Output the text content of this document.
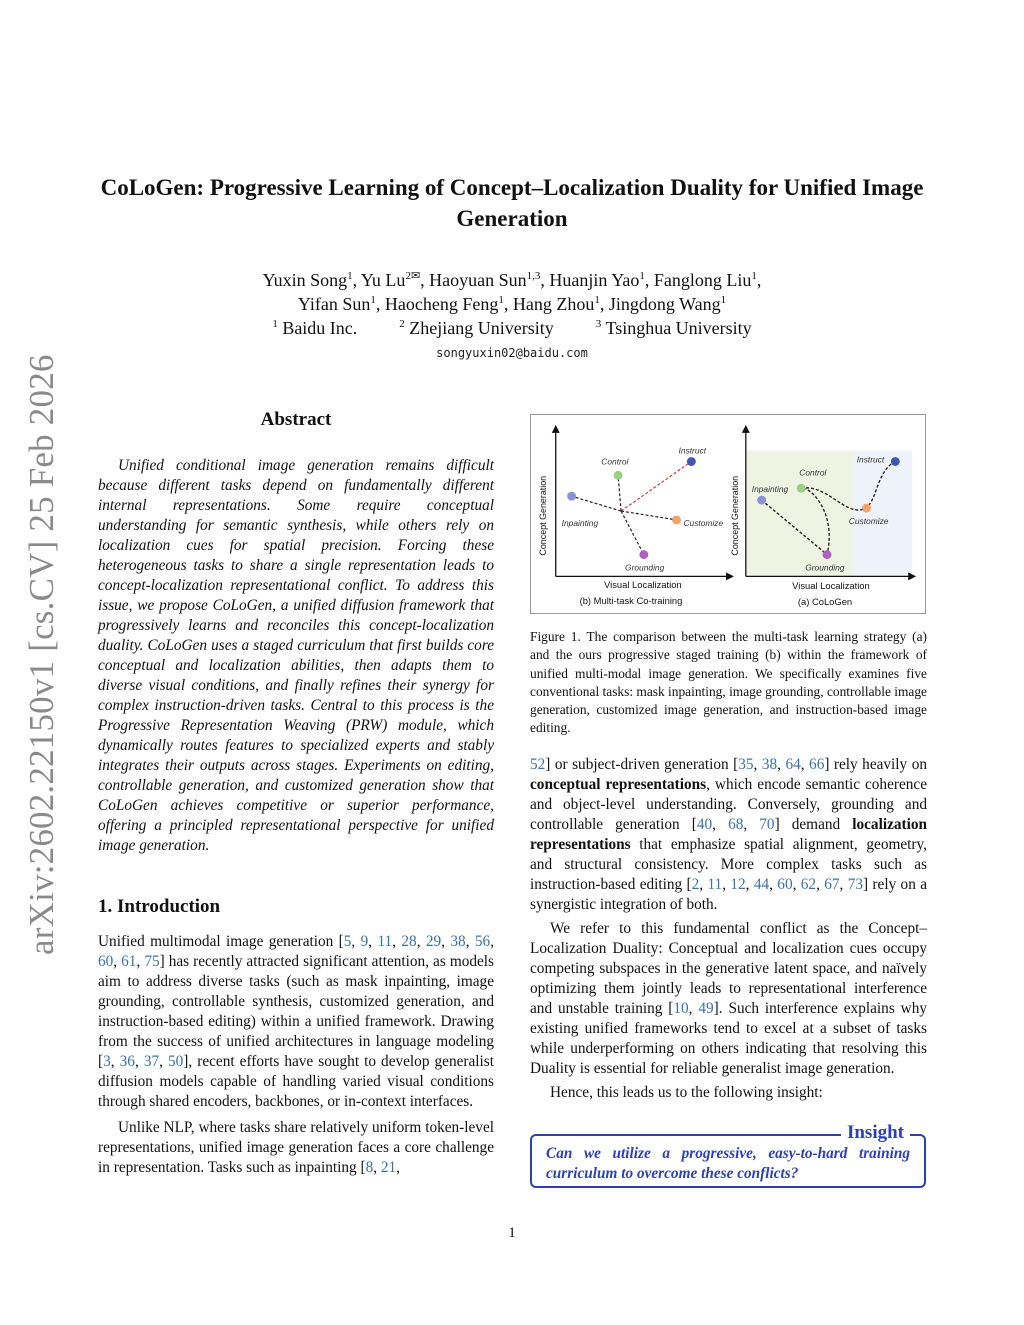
arXiv:2602.22150v1 [cs.CV] 25 Feb 2026
CoLoGen: Progressive Learning of Concept–Localization Duality for Unified Image Generation
Yuxin Song$^1$, Yu $Lu^{2✉}$, Haoyuan Sun$^{1,3}$, Huanjin Yao$^1$, Fanglong Liu$^1$,
Yifan Sun$^1$, Haocheng Feng$^1$, Hang Zhou$^1$, Jingdong Wang$^1$
$^1$ Baidu Inc.	$^2$ Zhejiang University	$^3$ Tsinghua University
songyuxin02@baidu.com
Abstract
Unified conditional image generation remains difficult because different tasks depend on fundamentally different internal representations. Some require conceptual understanding for semantic synthesis, while others rely on localization cues for spatial precision. Forcing these heterogeneous tasks to share a single representation leads to concept-localization representational conflict. To address this issue, we propose CoLoGen, a unified diffusion framework that progressively learns and reconciles this concept-localization duality. CoLoGen uses a staged curriculum that first builds core conceptual and localization abilities, then adapts them to diverse visual conditions, and finally refines their synergy for complex instruction-driven tasks. Central to this process is the Progressive Representation Weaving (PRW) module, which dynamically routes features to specialized experts and stably integrates their outputs across stages. Experiments on editing, controllable generation, and customized generation show that CoLoGen achieves competitive or superior performance, offering a principled representational perspective for unified image generation.
1. Introduction

Unified multimodal image generation [5, 9, 11, 28, 29, 38, 56, 60, 61, 75] has recently attracted significant attention, as models aim to address diverse tasks (such as mask inpainting, image grounding, controllable synthesis, customized generation, and instruction-based editing) within a unified framework. Drawing from the success of unified architectures in language modeling [3, 36, 37, 50], recent efforts have sought to develop generalist diffusion models capable of handling varied visual conditions through shared encoders, backbones, or in-context interfaces.

Unlike NLP, where tasks share relatively uniform token-level representations, unified image generation faces a core challenge in representation. Tasks such as inpainting [8, 21,

Instruct
Control
Inpainting	Customize
Grounding
Concept Generation
Visual Localization
(b) Multi-task Co-training
Instruct
Control
Inpainting
Customize
Grounding
Concept Generation
Visual Localization
(a) CoLoGen
Figure 1. The comparison between the multi-task learning strategy (a) and the ours progressive staged training (b) within the framework of unified multi-modal image generation. We specifically examines five conventional tasks: mask inpainting, image grounding, controllable image generation, customized image generation, and instruction-based image editing.

52] or subject-driven generation [35, 38, 64, 66] rely heavily on conceptual representations, which encode semantic coherence and object-level understanding. Conversely, grounding and controllable generation [40, 68, 70] demand localization representations that emphasize spatial alignment, geometry, and structural consistency. More complex tasks such as instruction-based editing [2, 11, 12, 44, 60, 62, 67, 73] rely on a synergistic integration of both.

We refer to this fundamental conflict as the Concept–Localization Duality: Conceptual and localization cues occupy competing subspaces in the generative latent space, and naïvely optimizing them jointly leads to representational interference and unstable training [10, 49]. Such interference explains why existing unified frameworks tend to excel at a subset of tasks while underperforming on others indicating that resolving this Duality is essential for reliable generalist image generation.

Hence, this leads us to the following insight:

Insight
Can we utilize a progressive, easy-to-hard training curriculum to overcome these conflicts?
1
